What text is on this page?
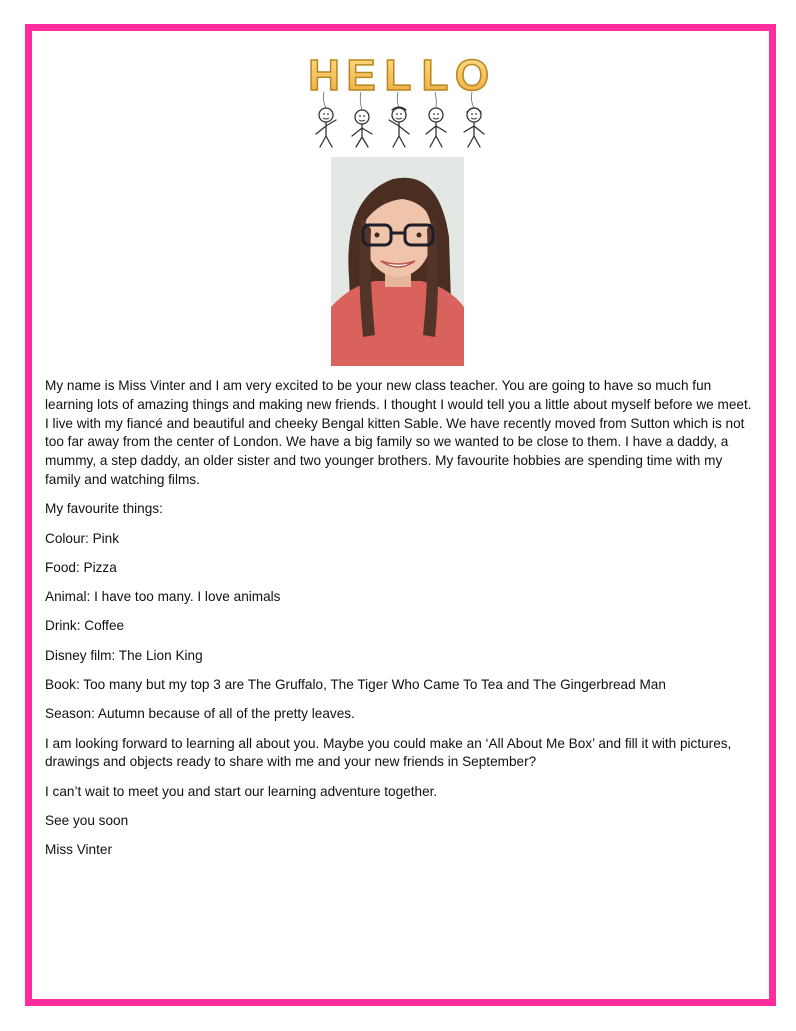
H E L L O

My name is Miss Vinter and I am very excited to be your new class teacher. You are going to have so much fun learning lots of amazing things and making new friends. I thought I would tell you a little about myself before we meet. I live with my fiancé and beautiful and cheeky Bengal kitten Sable. We have recently moved from Sutton which is not too far away from the center of London. We have a big family so we wanted to be close to them. I have a daddy, a mummy, a step daddy, an older sister and two younger brothers. My favourite hobbies are spending time with my family and watching films.

My favourite things:

Colour: Pink

Food: Pizza

Animal: I have too many. I love animals

Drink: Coffee

Disney film: The Lion King

Book: Too many but my top 3 are The Gruffalo, The Tiger Who Came To Tea and The Gingerbread Man

Season: Autumn because of all of the pretty leaves.

I am looking forward to learning all about you. Maybe you could make an ‘All About Me Box’ and fill it with pictures, drawings and objects ready to share with me and your new friends in September?

I can’t wait to meet you and start our learning adventure together.

See you soon

Miss Vinter
